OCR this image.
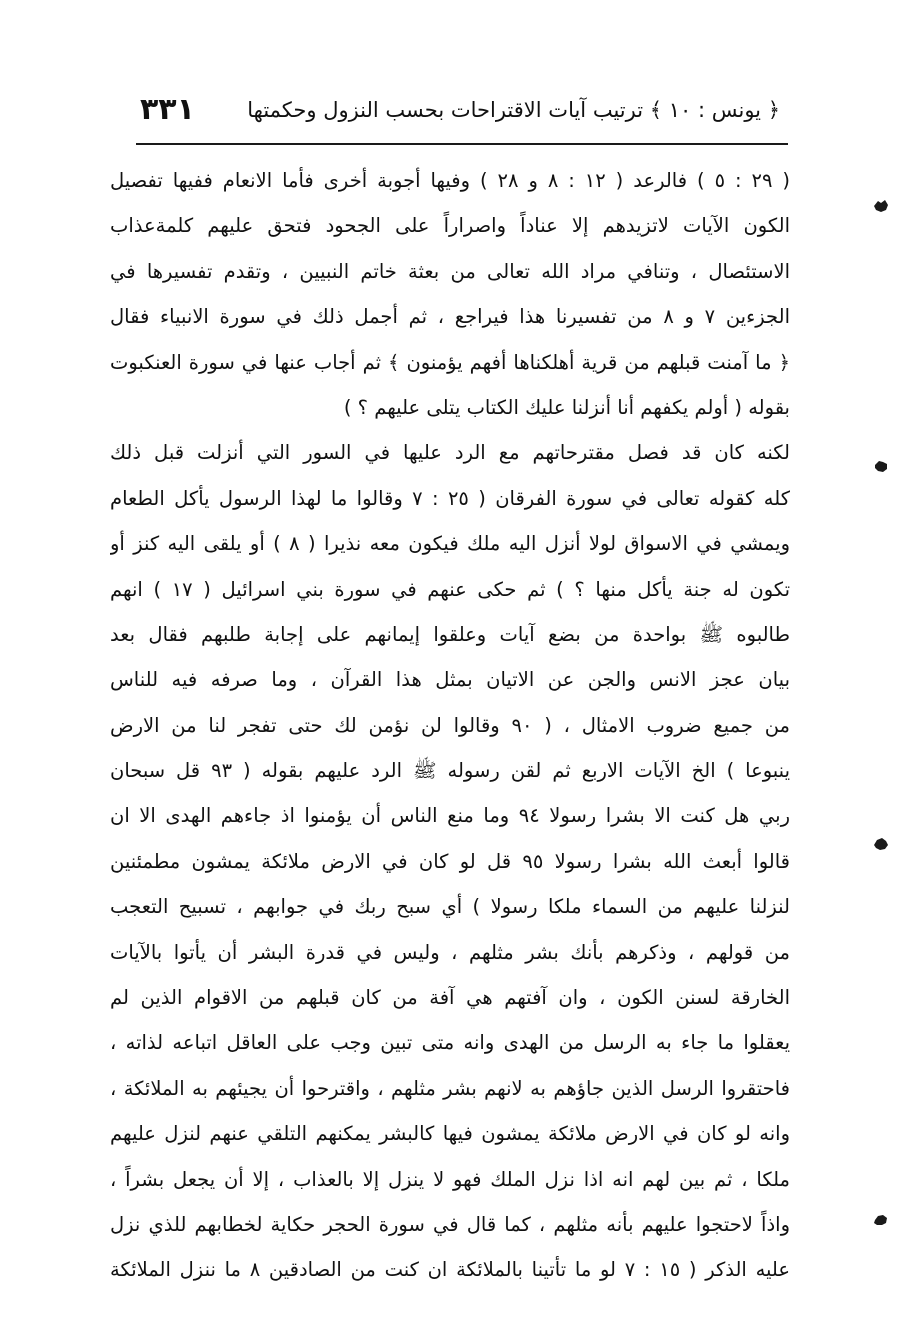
﴿ يونس : ١٠ ﴾ ترتيب آيات الاقتراحات بحسب النزول وحكمتها
٣٣١
( ٢٩ : ٥ ) فالرعد ( ١٢ : ٨ و ٢٨ ) وفيها أجوبة أخرى فأما الانعام ففيها تفصيل
الكون الآيات لاتزيدهم إلا عناداً واصراراً على الجحود فتحق عليهم كلمةعذاب
الاستئصال ، وتنافي مراد الله تعالى من بعثة خاتم النبيين ، وتقدم تفسيرها في
الجزءين ٧ و ٨ من تفسيرنا هذا فيراجع ، ثم أجمل ذلك في سورة الانبياء فقال
﴿ ما آمنت قبلهم من قرية أهلكناها أفهم يؤمنون ﴾ ثم أجاب عنها في سورة العنكبوت
بقوله ( أولم يكفهم أنا أنزلنا عليك الكتاب يتلى عليهم ؟ )
لكنه كان قد فصل مقترحاتهم مع الرد عليها في السور التي أنزلت قبل ذلك
كله كقوله تعالى في سورة الفرقان ( ٢٥ : ٧ وقالوا ما لهذا الرسول يأكل الطعام
ويمشي في الاسواق لولا أنزل اليه ملك فيكون معه نذيرا ( ٨ ) أو يلقى اليه كنز أو
تكون له جنة يأكل منها ؟ ) ثم حكى عنهم في سورة بني اسرائيل ( ١٧ ) انهم
طالبوه ﷺ بواحدة من بضع آيات وعلقوا إيمانهم على إجابة طلبهم فقال بعد
بيان عجز الانس والجن عن الاتيان بمثل هذا القرآن ، وما صرفه فيه للناس
من جميع ضروب الامثال ، ( ٩٠ وقالوا لن نؤمن لك حتى تفجر لنا من الارض
ينبوعا ) الخ الآيات الاربع ثم لقن رسوله ﷺ الرد عليهم بقوله ( ٩٣ قل سبحان
ربي هل كنت الا بشرا رسولا ٩٤ وما منع الناس أن يؤمنوا اذ جاءهم الهدى الا ان
قالوا أبعث الله بشرا رسولا ٩٥ قل لو كان في الارض ملائكة يمشون مطمئنين
لنزلنا عليهم من السماء ملكا رسولا ) أي سبح ربك في جوابهم ، تسبيح التعجب
من قولهم ، وذكرهم بأنك بشر مثلهم ، وليس في قدرة البشر أن يأتوا بالآيات
الخارقة لسنن الكون ، وان آفتهم هي آفة من كان قبلهم من الاقوام الذين لم
يعقلوا ما جاء به الرسل من الهدى وانه متى تبين وجب على العاقل اتباعه لذاته ،
فاحتقروا الرسل الذين جاؤهم به لانهم بشر مثلهم ، واقترحوا أن يجيئهم به الملائكة ،
وانه لو كان في الارض ملائكة يمشون فيها كالبشر يمكنهم التلقي عنهم لنزل عليهم
ملكا ، ثم بين لهم انه اذا نزل الملك فهو لا ينزل إلا بالعذاب ، إلا أن يجعل بشراً ،
واذاً لاحتجوا عليهم بأنه مثلهم ، كما قال في سورة الحجر حكاية لخطابهم للذي نزل
عليه الذكر ( ١٥ : ٧ لو ما تأتينا بالملائكة ان كنت من الصادقين ٨ ما ننزل الملائكة
